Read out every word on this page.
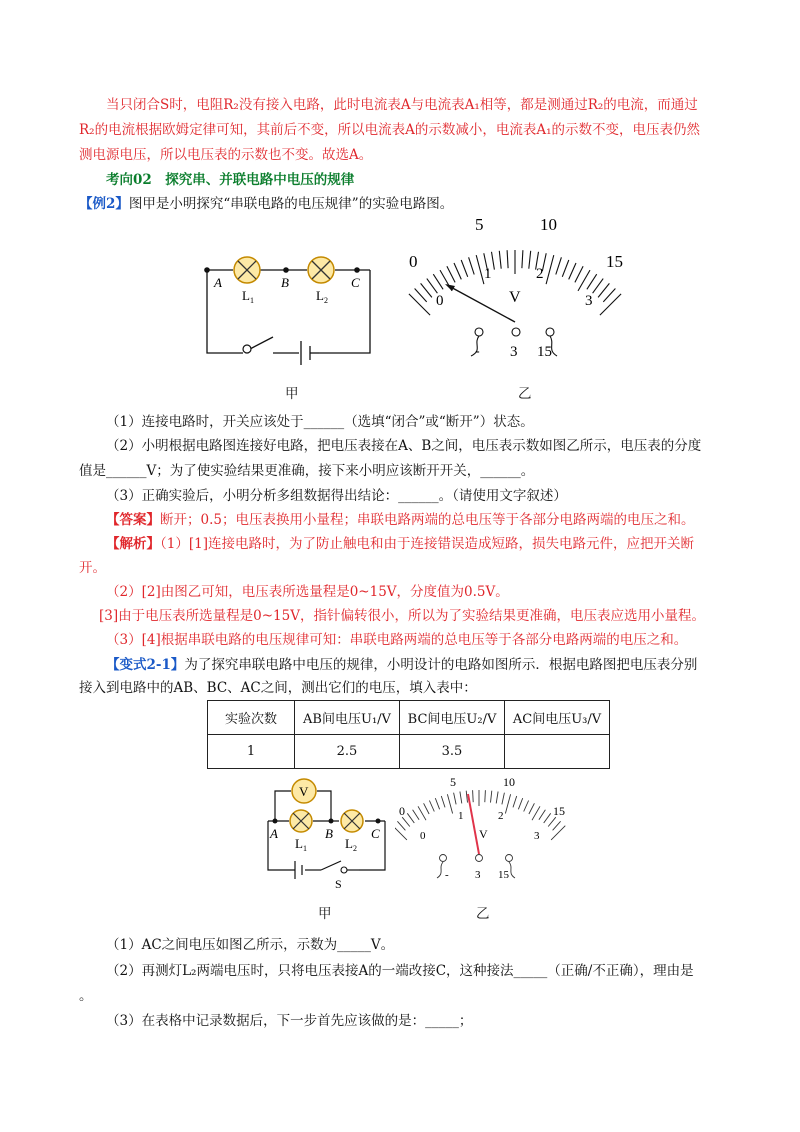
当只闭合S时，电阻R₂没有接入电路，此时电流表A与电流表A₁相等，都是测通过R₂的电流，而通过
R₂的电流根据欧姆定律可知，其前后不变，所以电流表A的示数减小，电流表A₁的示数不变，电压表仍然
测电源电压，所以电压表的示数也不变。故选A。
考向02　探究串、并联电路中电压的规律
【例2】图甲是小明探究“串联电路的电压规律”的实验电路图。
A	B	C
L 1	L 2
0
5	10
15
0
1	2
3
V
- 3 15
甲	乙
（1）连接电路时，开关应该处于______（选填“闭合”或“断开”）状态。
（2）小明根据电路图连接好电路，把电压表接在A、B之间，电压表示数如图乙所示，电压表的分度
值是______V；为了使实验结果更准确，接下来小明应该断开开关，______。
（3）正确实验后，小明分析多组数据得出结论：______。（请使用文字叙述）
【答案】断开；0.5；电压表换用小量程；串联电路两端的总电压等于各部分电路两端的电压之和。
【解析】（1）[1]连接电路时，为了防止触电和由于连接错误造成短路，损失电路元件，应把开关断
开。
（2）[2]由图乙可知，电压表所选量程是0~15V，分度值为0.5V。
[3]由于电压表所选量程是0~15V，指针偏转很小，所以为了实验结果更准确，电压表应选用小量程。
（3）[4]根据串联电路的电压规律可知：串联电路两端的总电压等于各部分电路两端的电压之和。
【变式2-1】为了探究串联电路中电压的规律，小明设计的电路如图所示．根据电路图把电压表分别
接入到电路中的AB、BC、AC之间，测出它们的电压，填入表中：
实验次数	AB间电压U₁/V	BC间电压U₂/V	AC间电压U₃/V
1	2.5	3.5	
V
A	B	C
L 1	L 2
S
0
5	10
15
0
1	2
3
V
- 3 15
甲	乙
（1）AC之间电压如图乙所示，示数为_____V。
（2）再测灯L₂两端电压时，只将电压表接A的一端改接C，这种接法_____（正确/不正确），理由是
。
（3）在表格中记录数据后，下一步首先应该做的是：_____；
